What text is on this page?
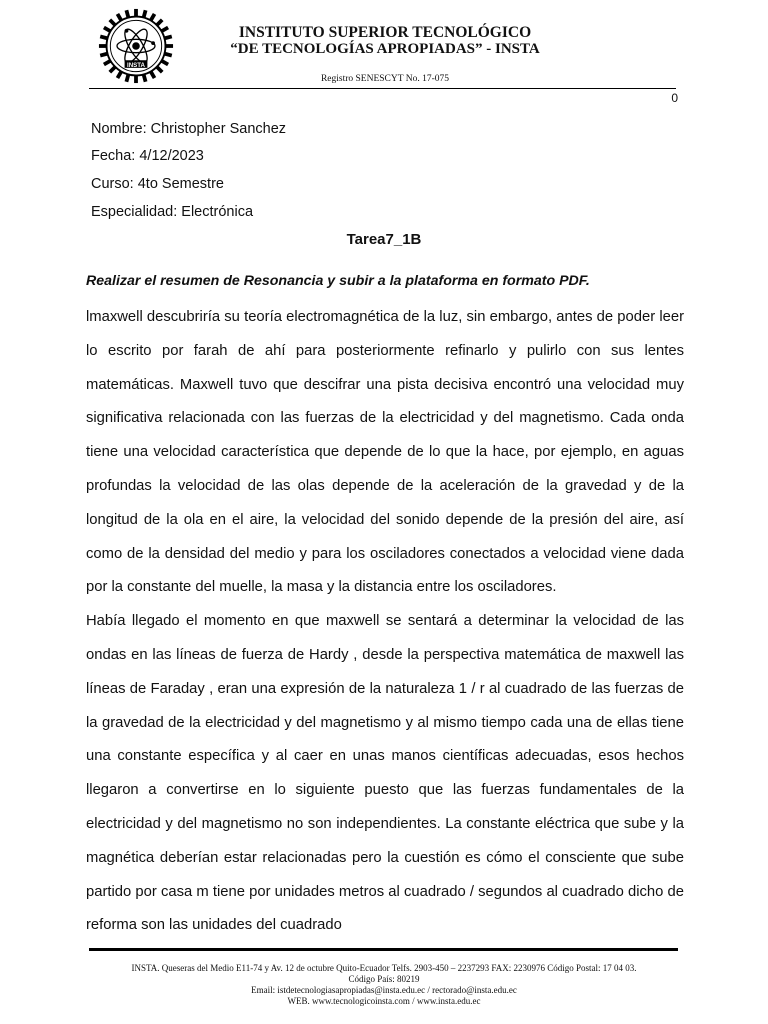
INSTA
INSTITUTO SUPERIOR TECNOLÓGICO
“DE TECNOLOGÍAS APROPIADAS” - INSTA
Registro SENESCYT No. 17-075
0
Nombre: Christopher Sanchez
Fecha: 4/12/2023
Curso: 4to Semestre
Especialidad: Electrónica
Tarea7_1B
Realizar el resumen de Resonancia y subir a la plataforma en formato PDF.

lmaxwell descubriría su teoría electromagnética de la luz, sin embargo, antes de poder leer lo escrito por farah de ahí para posteriormente refinarlo y pulirlo con sus lentes matemáticas. Maxwell tuvo que descifrar una pista decisiva encontró una velocidad muy significativa relacionada con las fuerzas de la electricidad y del magnetismo. Cada onda tiene una velocidad característica que depende de lo que la hace, por ejemplo, en aguas profundas la velocidad de las olas depende de la aceleración de la gravedad y de la longitud de la ola en el aire, la velocidad del sonido depende de la presión del aire, así como de la densidad del medio y para los osciladores conectados a velocidad viene dada por la constante del muelle, la masa y la distancia entre los osciladores.

Había llegado el momento en que maxwell se sentará a determinar la velocidad de las ondas en las líneas de fuerza de Hardy , desde la perspectiva matemática de maxwell las líneas de Faraday , eran una expresión de la naturaleza 1 / r al cuadrado de las fuerzas de la gravedad de la electricidad y del magnetismo y al mismo tiempo cada una de ellas tiene una constante específica y al caer en unas manos científicas adecuadas, esos hechos llegaron a convertirse en lo siguiente puesto que las fuerzas fundamentales de la electricidad y del magnetismo no son independientes. La constante eléctrica que sube y la magnética deberían estar relacionadas pero la cuestión es cómo el consciente que sube partido por casa m tiene por unidades metros al cuadrado / segundos al cuadrado dicho de reforma son las unidades del cuadrado

INSTA. Queseras del Medio E11-74 y Av. 12 de octubre Quito-Ecuador Telfs. 2903-450 – 2237293 FAX: 2230976 Código Postal: 17 04 03.
Código País: 80219
Email: istdetecnologiasapropiadas@insta.edu.ec / rectorado@insta.edu.ec
WEB. www.tecnologicoinsta.com / www.insta.edu.ec
